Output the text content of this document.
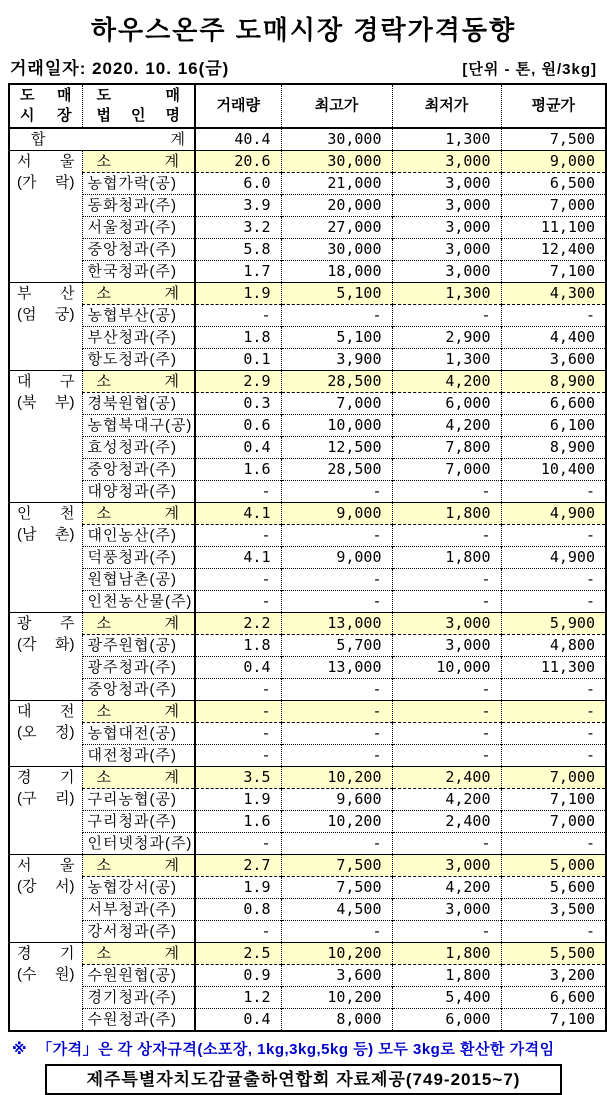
하우스온주 도매시장 경락가격동향
거래일자: 2020. 10. 16(금)	[단위 - 톤, 원/3kg]
도 매
시 장

도 매
법 인 명
	거래량	최고가	최저가	평균가
합 계		40.4	30,000	1,300	7,500

서 울
(가 락)	소 계	20.6	30,000	3,000	9,000
	농협가락(공)	6.0	21,000	3,000	6,500
	동화청과(주)	3.9	20,000	3,000	7,000
	서울청과(주)	3.2	27,000	3,000	11,100
	중앙청과(주)	5.8	30,000	3,000	12,400
	한국청과(주)	1.7	18,000	3,000	7,100

부 산
(엄 궁)	소 계	1.9	5,100	1,300	4,300
	농협부산(공)	-	-	-	-
	부산청과(주)	1.8	5,100	2,900	4,400
	항도청과(주)	0.1	3,900	1,300	3,600

대 구
(북 부)	소 계	2.9	28,500	4,200	8,900
	경북원협(공)	0.3	7,000	6,000	6,600
	농협북대구(공)	0.6	10,000	4,200	6,100
	효성청과(주)	0.4	12,500	7,800	8,900
	중앙청과(주)	1.6	28,500	7,000	10,400
	대양청과(주)	-	-	-	-

인 천
(남 촌)	소 계	4.1	9,000	1,800	4,900
	대인농산(주)	-	-	-	-
	덕풍청과(주)	4.1	9,000	1,800	4,900
	원협남촌(공)	-	-	-	-
	인천농산물(주)	-	-	-	-

광 주
(각 화)	소 계	2.2	13,000	3,000	5,900
	광주원협(공)	1.8	5,700	3,000	4,800
	광주청과(주)	0.4	13,000	10,000	11,300
	중앙청과(주)	-	-	-	-

대 전
(오 정)	소 계	-	-	-	-
	농협대전(공)	-	-	-	-
	대전청과(주)	-	-	-	-

경 기
(구 리)	소 계	3.5	10,200	2,400	7,000
	구리농협(공)	1.9	9,600	4,200	7,100
	구리청과(주)	1.6	10,200	2,400	7,000
	인터넷청과(주)	-	-	-	-

서 울
(강 서)	소 계	2.7	7,500	3,000	5,000
	농협강서(공)	1.9	7,500	4,200	5,600
	서부청과(주)	0.8	4,500	3,000	3,500
	강서청과(주)	-	-	-	-

경 기
(수 원)	소 계	2.5	10,200	1,800	5,500
	수원원협(공)	0.9	3,600	1,800	3,200
	경기청과(주)	1.2	10,200	5,400	6,600
	수원청과(주)	0.4	8,000	6,000	7,100
※ 「가격」은 각 상자규격(소포장, 1kg,3kg,5kg 등) 모두 3kg로 환산한 가격임
제주특별자치도감귤출하연합회 자료제공(749-2015~7)
